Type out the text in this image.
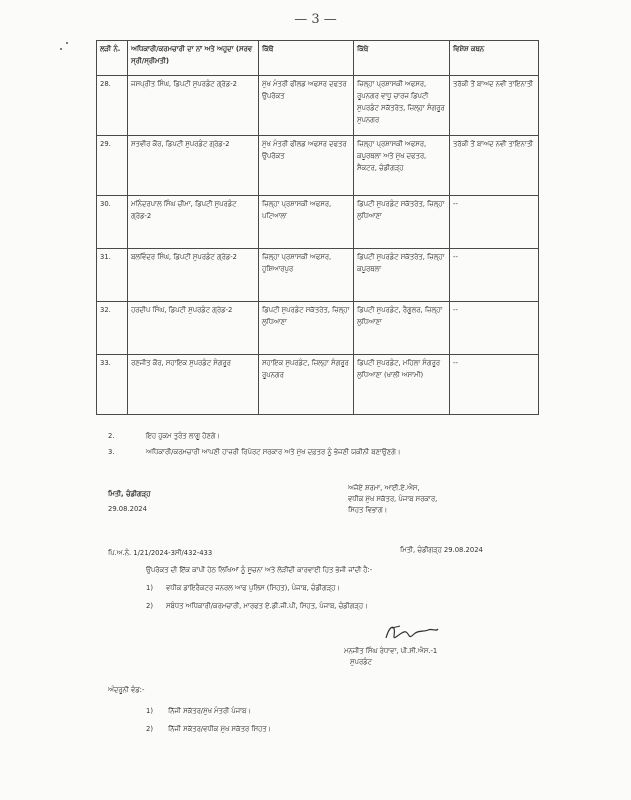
— 3 —
ਲੜੀ ਨੰ.	ਅਧਿਕਾਰੀ/ਕਰਮਚਾਰੀ ਦਾ ਨਾਂ ਅਤੇ ਅਹੁਦਾ (ਸਰਵ ਸ੍ਰੀ/ਸ੍ਰੀਮਤੀ)	ਕਿੱਥੋਂ	ਕਿੱਥੇ	ਵਿਸ਼ੇਸ਼ ਕਥਨ
28.	ਜਸਪ੍ਰੀਤ ਸਿੰਘ, ਡਿਪਟੀ ਸੁਪਰਡੰਟ ਗ੍ਰੇਡ-2	ਮੁੱਖ ਮੰਤਰੀ ਫੀਲਡ ਅਫਸਰ ਦਫਤਰ ਉਪਰੋਕਤ	ਜ਼ਿਲ੍ਹਾ ਪ੍ਰਸ਼ਾਸਕੀ ਅਫਸਰ, ਰੂਪਨਗਰ ਵਾਧੂ ਚਾਰਜ ਡਿਪਟੀ ਸੁਪਰਡੰਟ ਸਕੱਤਰੇਤ, ਜ਼ਿਲ੍ਹਾ ਸੰਗਰੂਰ ਸੁਪਨਗਰ	ਤਰੱਕੀ ਤੋਂ ਬਾਅਦ ਨਵੀਂ ਤਾਇਨਾਤੀ
29.	ਸਤਵੀਰ ਕੌਰ, ਡਿਪਟੀ ਸੁਪਰਡੰਟ ਗ੍ਰੇਡ-2	ਮੁੱਖ ਮੰਤਰੀ ਫੀਲਡ ਅਫਸਰ ਦਫਤਰ ਉਪਰੋਕਤ	ਜ਼ਿਲ੍ਹਾ ਪ੍ਰਸ਼ਾਸਕੀ ਅਫਸਰ, ਕਪੂਰਥਲਾ ਅਤੇ ਮੁੱਖ ਦਫਤਰ, ਸੈਕਟਰ, ਚੰਡੀਗੜ੍ਹ	ਤਰੱਕੀ ਤੋਂ ਬਾਅਦ ਨਵੀਂ ਤਾਇਨਾਤੀ
30.	ਮਨਿੰਦਰਪਾਲ ਸਿੰਘ ਚੀਮਾ, ਡਿਪਟੀ ਸੁਪਰਡੰਟ ਗ੍ਰੇਡ-2	ਜ਼ਿਲ੍ਹਾ ਪ੍ਰਸ਼ਾਸਕੀ ਅਫਸਰ, ਪਟਿਆਲਾ	ਡਿਪਟੀ ਸੁਪਰਡੰਟ ਸਕੱਤਰੇਤ, ਜ਼ਿਲ੍ਹਾ ਲੁਧਿਆਣਾ	--
31.	ਬਲਵਿੰਦਰ ਸਿੰਘ, ਡਿਪਟੀ ਸੁਪਰਡੰਟ ਗ੍ਰੇਡ-2	ਜ਼ਿਲ੍ਹਾ ਪ੍ਰਸ਼ਾਸਕੀ ਅਫਸਰ, ਹੁਸ਼ਿਆਰਪੁਰ	ਡਿਪਟੀ ਸੁਪਰਡੰਟ ਸਕੱਤਰੇਤ, ਜ਼ਿਲ੍ਹਾ ਕਪੂਰਥਲਾ	--
32.	ਹਰਦੀਪ ਸਿੰਘ, ਡਿਪਟੀ ਸੁਪਰਡੰਟ ਗ੍ਰੇਡ-2	ਡਿਪਟੀ ਸੁਪਰਡੰਟ ਸਕੱਤਰੇਤ, ਜ਼ਿਲ੍ਹਾ ਲੁਧਿਆਣਾ	ਡਿਪਟੀ ਸੁਪਰਡੰਟ, ਰੈਗੂਲਰ, ਜ਼ਿਲ੍ਹਾ ਲੁਧਿਆਣਾ	--
33.	ਰਣਜੀਤ ਕੌਰ, ਸਹਾਇਕ ਸੁਪਰਡੰਟ ਸੰਗਰੂਰ	ਸਹਾਇਕ ਸੁਪਰਡੰਟ, ਜ਼ਿਲ੍ਹਾ ਸੰਗਰੂਰ ਰੂਪਨਗਰ	ਡਿਪਟੀ ਸੁਪਰਡੰਟ, ਮਹਿਲਾ ਸੰਗਰੂਰ ਲੁਧਿਆਣਾ (ਖਾਲੀ ਅਸਾਮੀ)	--
2.	ਇਹ ਹੁਕਮ ਤੁਰੰਤ ਲਾਗੂ ਹੋਣਗੇ।
3.	ਅਧਿਕਾਰੀ/ਕਰਮਚਾਰੀ ਆਪਣੀ ਹਾਜ਼ਰੀ ਰਿਪੋਰਟ ਸਰਕਾਰ ਅਤੇ ਮੁੱਖ ਦਫ਼ਤਰ ਨੂੰ ਭੇਜਣੀ ਯਕੀਨੀ ਬਣਾਉਣਗੇ।
ਮਿਤੀ, ਚੰਡੀਗੜ੍ਹ
29.08.2024
ਅਜੋਏ ਸ਼ਰਮਾ, ਆਈ.ਏ.ਐਸ,
ਵਧੀਕ ਮੁੱਖ ਸਕੱਤਰ, ਪੰਜਾਬ ਸਰਕਾਰ,
ਸਿਹਤ ਵਿਭਾਗ।
ਪਿ.ਅ.ਨੰ. 1/21/2024-3ਸੀ/432-433	ਮਿਤੀ, ਚੰਡੀਗੜ੍ਹ 29.08.2024
ਉਪਰੋਕਤ ਦੀ ਇੱਕ ਕਾਪੀ ਹੇਠ ਲਿਖਿਆਂ ਨੂੰ ਸੂਚਨਾ ਅਤੇ ਲੋੜੀਂਦੀ ਕਾਰਵਾਈ ਹਿਤ ਭੇਜੀ ਜਾਂਦੀ ਹੈ:-
1) ਵਧੀਕ ਡਾਇਰੈਕਟਰ ਜਨਰਲ ਆਫ ਪੁਲਿਸ (ਸਿਹਤ), ਪੰਜਾਬ, ਚੰਡੀਗੜ੍ਹ।
2) ਸਬੰਧਤ ਅਧਿਕਾਰੀ/ਕਰਮਚਾਰੀ, ਮਾਰਫਤ ਏ.ਡੀ.ਜੀ.ਪੀ, ਸਿਹਤ, ਪੰਜਾਬ, ਚੰਡੀਗੜ੍ਹ।
ਮਨਜੀਤ ਸਿੰਘ ਰੰਧਾਵਾ, ਪੀ.ਸੀ.ਐਸ.-1
ਸੁਪਰਡੰਟ
ਅੰਦਰੂਨੀ ਵੰਡ:-
1) ਨਿੱਜੀ ਸਕੱਤਰ/ਮੁੱਖ ਮੰਤਰੀ ਪੰਜਾਬ।
2) ਨਿੱਜੀ ਸਕੱਤਰ/ਵਧੀਕ ਮੁੱਖ ਸਕੱਤਰ ਸਿਹਤ।
